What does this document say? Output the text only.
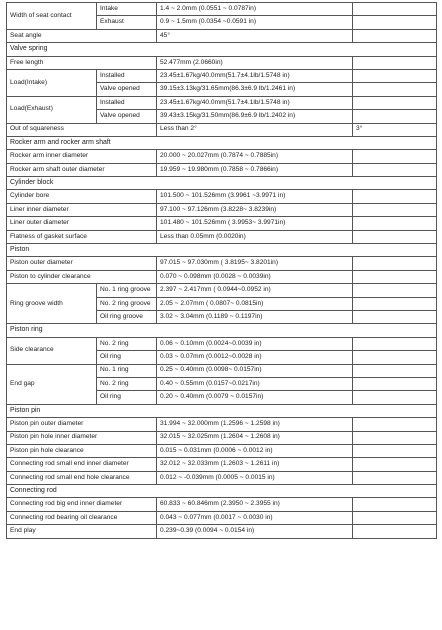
Width of seat contact	Intake	1.4 ~ 2.0mm (0.0551 ~ 0.0787in)	
	Exhaust	0.9 ~ 1.5mm (0.0354 ~0.0591 in)	
Seat angle		45°	
Valve spring			
Free length		52.477mm (2.0660in)	
Load(Intake)	Installed	23.45±1.67kg/40.0mm(51.7±4.1lb/1.5748 in)	
	Valve opened	39.15±3.13kg/31.65mm(86.3±6.9 lb/1.2461 in)	
Load(Exhaust)	Installed	23.45±1.67kg/40.0mm(51.7±4.1lb/1.5748 in)	
	Valve opened	39.43±3.15kg/31.50mm(86.9±6.9 lb/1.2402 in)	
Out of squareness		Less than 2°	3°
Rocker arm and rocker arm shaft			
Rocker arm inner diameter		20.000 ~ 20.027mm (0.7874 ~ 0.7885in)	
Rocker arm shaft outer diameter		19.959 ~ 19.980mm (0.7858 ~ 0.7866in)	
Cylinder block			
Cylinder bore		101.500 ~ 101.526mm (3.9961 ~3.9971 in)	
Liner inner diameter		97.100 ~ 97.126mm (3.8228~ 3.8239in)	
Liner outer diameter		101.480 ~ 101.526mm ( 3.9953~ 3.9971in)	
Flatness of gasket surface		Less than 0.05mm (0.0020in)	
Piston			
Piston outer diameter		97.015 ~ 97.030mm ( 3.8195~ 3.8201in)	
Piston to cylinder clearance		0.070 ~ 0.098mm (0.0028 ~ 0.0039in)	
Ring groove width	No. 1 ring groove	2.397 ~ 2.417mm ( 0.0944~0.0952 in)	
	No. 2 ring groove	2.05 ~ 2.07mm ( 0.0807~ 0.0815in)	
	Oil ring groove	3.02 ~ 3.04mm (0.1189 ~ 0.1197in)	
Piston ring			
Side clearance	No. 2 ring	0.06 ~ 0.10mm (0.0024~0.0039 in)	
	Oil ring	0.03 ~ 0.07mm (0.0012~0.0028 in)	
End gap	No. 1 ring	0.25 ~ 0.40mm (0.0098~ 0.0157in)	
	No. 2 ring	0.40 ~ 0.55mm (0.0157~0.0217in)	
	Oil ring	0.20 ~ 0.40mm (0.0079 ~ 0.0157in)	
Piston pin			
Piston pin outer diameter		31.994 ~ 32.000mm (1.2596 ~ 1.2598 in)	
Piston pin hole inner diameter		32.015 ~ 32.025mm (1.2604 ~ 1.2608 in)	
Piston pin hole clearance		0.015 ~ 0.031mm (0.0006 ~ 0.0012 in)	
Connecting rod small end inner diameter		32.012 ~ 32.033mm (1.2603 ~ 1.2611 in)	
Connecting rod small end hole clearance		0.012 ~ -0.039mm (0.0005 ~ 0.0015 in)	
Connecting rod			
Connecting rod big end inner diameter		60.833 ~ 60.846mm (2.3950 ~ 2.3955 in)	
Connecting rod bearing oil clearance		0.043 ~ 0.077mm (0.0017 ~ 0.0030 in)	
End play		0.239~0.39 (0.0094 ~ 0.0154 in)	
